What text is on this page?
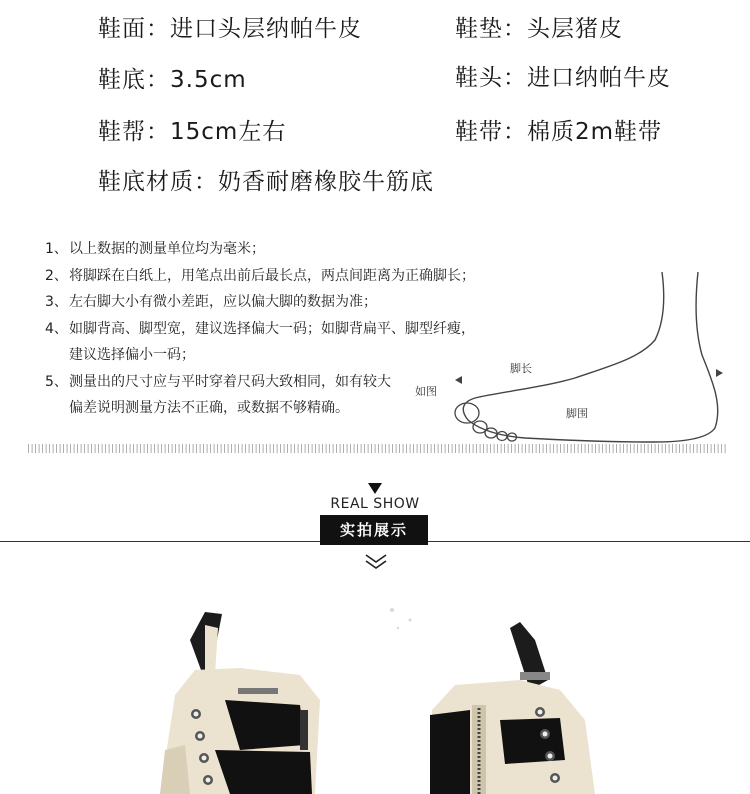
鞋面：进口头层纳帕牛皮	鞋垫：头层猪皮
鞋底：3.5cm	鞋头：进口纳帕牛皮
鞋帮：15cm左右	鞋带：棉质2m鞋带
鞋底材质：奶香耐磨橡胶牛筋底
1、 以上数据的测量单位均为毫米；
2、 将脚踩在白纸上，用笔点出前后最长点，两点间距离为正确脚长；
3、 左右脚大小有微小差距，应以偏大脚的数据为准；
4、 如脚背高、脚型宽，建议选择偏大一码；如脚背扁平、脚型纤瘦，
建议选择偏小一码；
5、 测量出的尺寸应与平时穿着尺码大致相同，如有较大
偏差说明测量方法不正确，或数据不够精确。
脚长
脚围
如图
REAL SHOW
实拍展示
